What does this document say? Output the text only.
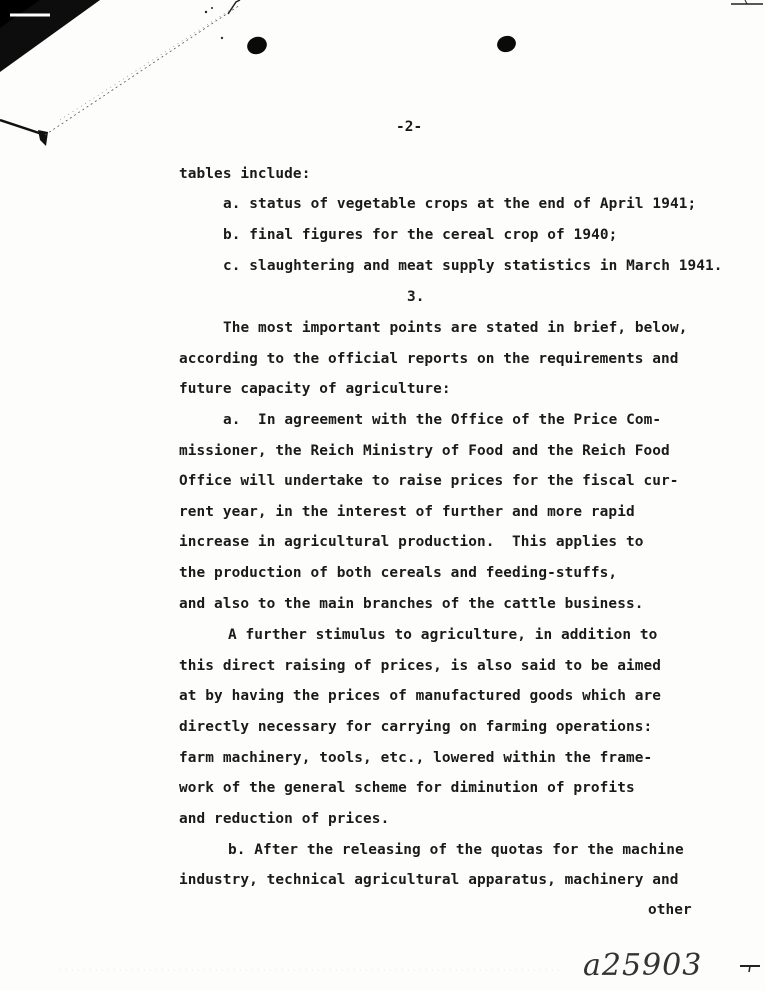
-2-
tables include:
a. status of vegetable crops at the end of April 1941;
b. final figures for the cereal crop of 1940;
c. slaughtering and meat supply statistics in March 1941.
3.
The most important points are stated in brief, below,
according to the official reports on the requirements and
future capacity of agriculture:
a.  In agreement with the Office of the Price Com-
missioner, the Reich Ministry of Food and the Reich Food
Office will undertake to raise prices for the fiscal cur-
rent year, in the interest of further and more rapid
increase in agricultural production.  This applies to
the production of both cereals and feeding-stuffs,
and also to the main branches of the cattle business.
A further stimulus to agriculture, in addition to
this direct raising of prices, is also said to be aimed
at by having the prices of manufactured goods which are
directly necessary for carrying on farming operations:
farm machinery, tools, etc., lowered within the frame-
work of the general scheme for diminution of profits
and reduction of prices.
b. After the releasing of the quotas for the machine
industry, technical agricultural apparatus, machinery and
other
a25903
